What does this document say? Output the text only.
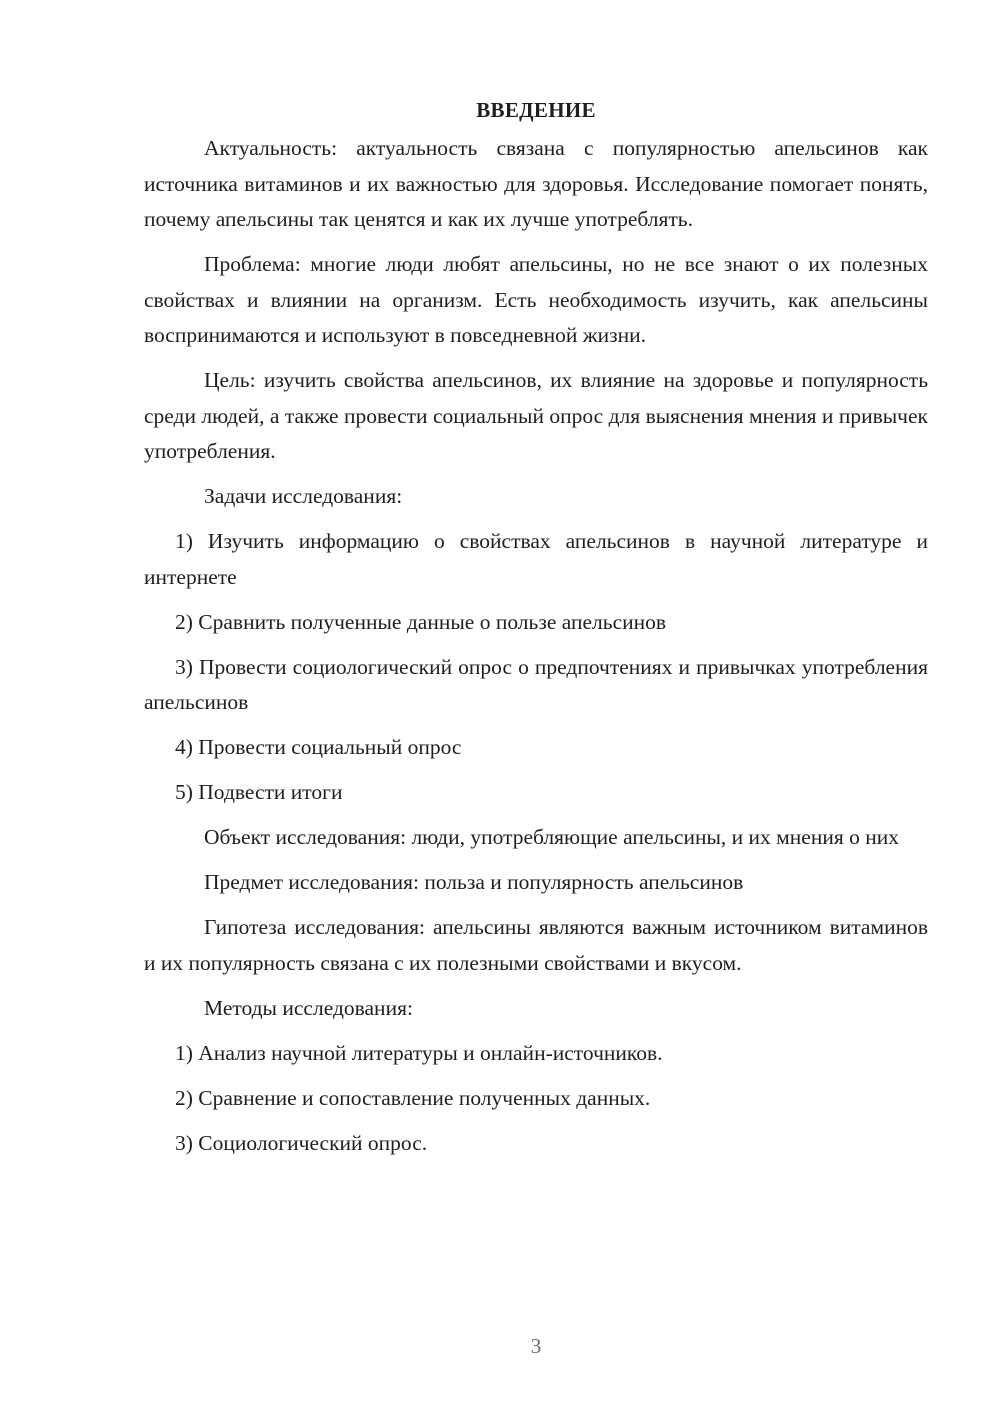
ВВЕДЕНИЕ

Актуальность: актуальность связана с популярностью апельсинов как источника витаминов и их важностью для здоровья. Исследование помогает понять, почему апельсины так ценятся и как их лучше употреблять.

Проблема: многие люди любят апельсины, но не все знают о их полезных свойствах и влиянии на организм. Есть необходимость изучить, как апельсины воспринимаются и используют в повседневной жизни.

Цель: изучить свойства апельсинов, их влияние на здоровье и популярность среди людей, а также провести социальный опрос для выяснения мнения и привычек употребления.

Задачи исследования:

1) Изучить информацию о свойствах апельсинов в научной литературе и интернете

2) Сравнить полученные данные о пользе апельсинов

3) Провести социологический опрос о предпочтениях и привычках употребления апельсинов

4) Провести социальный опрос

5) Подвести итоги

Объект исследования: люди, употребляющие апельсины, и их мнения о них

Предмет исследования: польза и популярность апельсинов

Гипотеза исследования: апельсины являются важным источником витаминов и их популярность связана с их полезными свойствами и вкусом.

Методы исследования:

1) Анализ научной литературы и онлайн-источников.

2) Сравнение и сопоставление полученных данных.

3) Социологический опрос.

3
